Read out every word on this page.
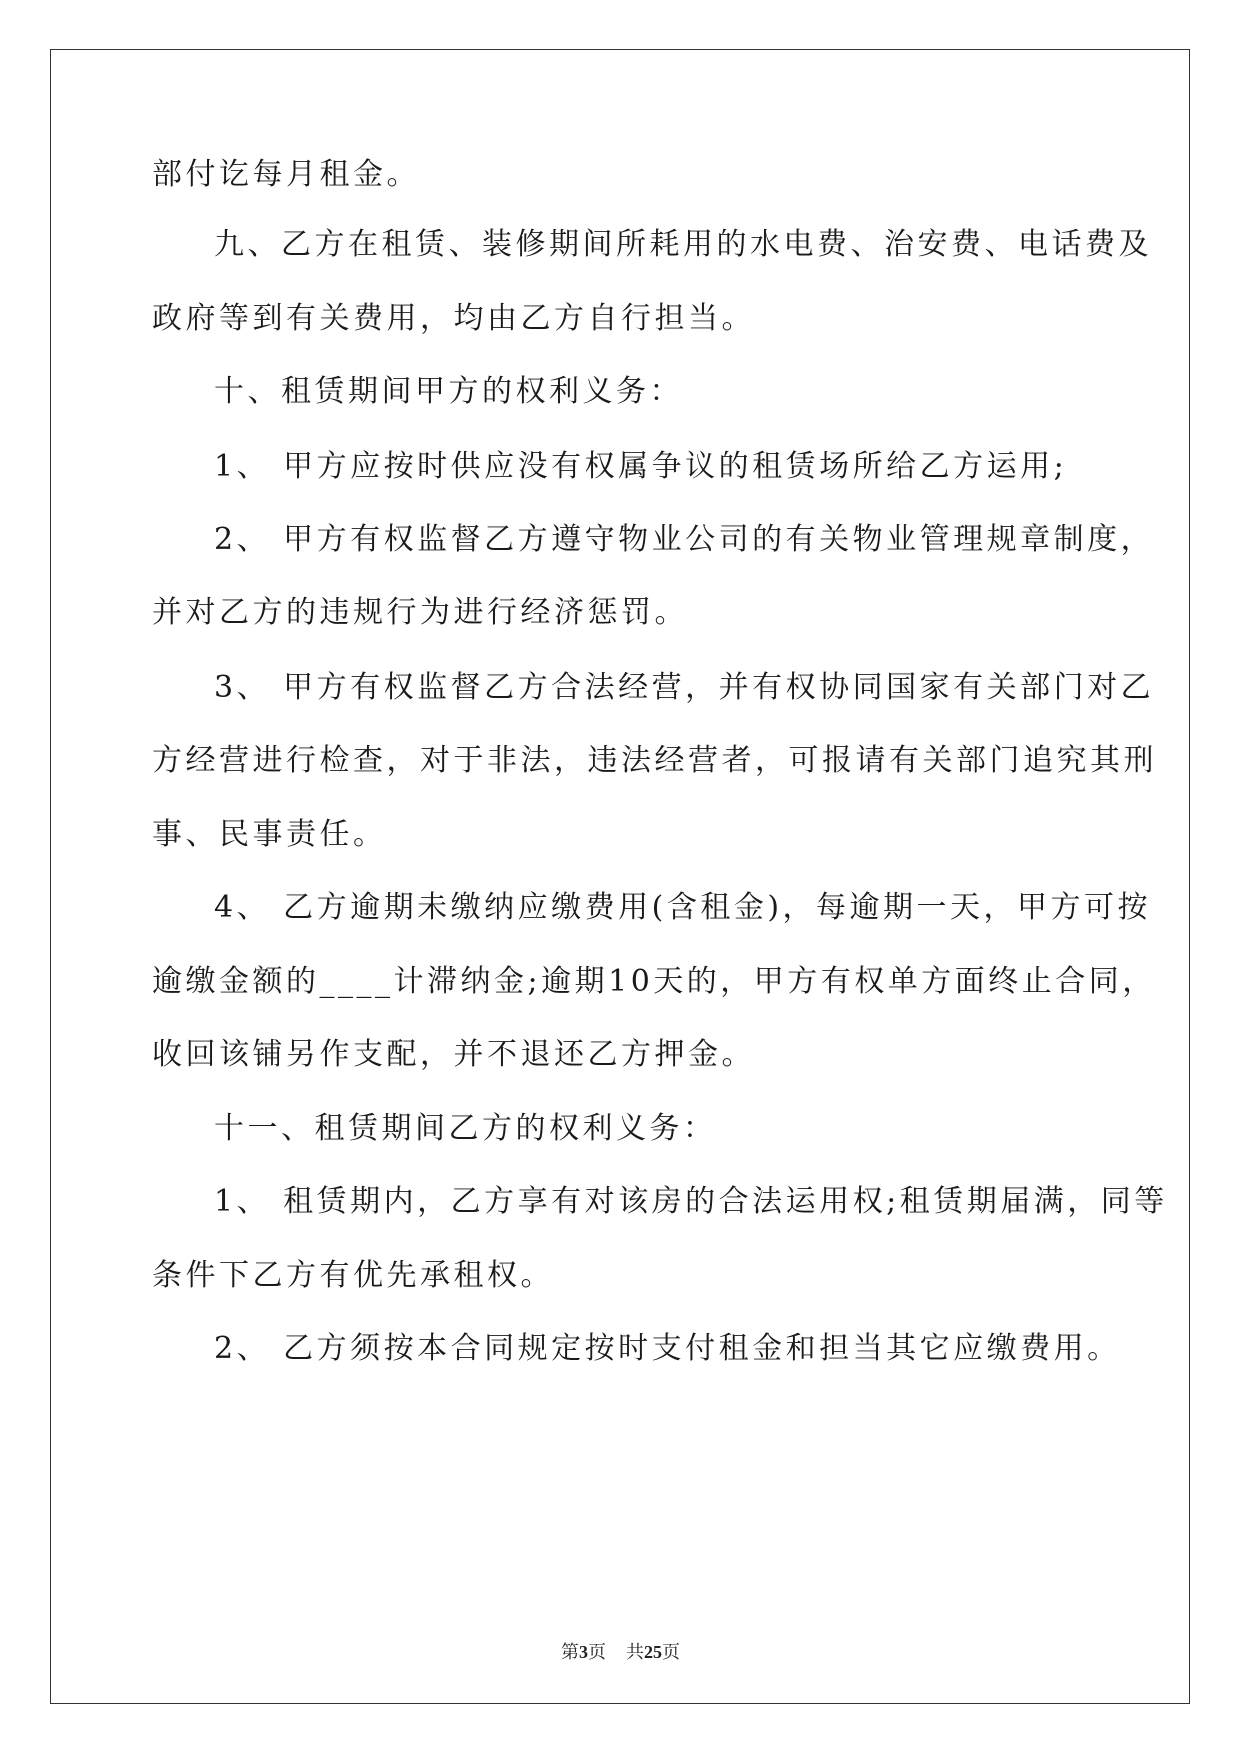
部付讫每月租金。
九、乙方在租赁、装修期间所耗用的水电费、治安费、电话费及
政府等到有关费用，均由乙方自行担当。
十、租赁期间甲方的权利义务：
1、 甲方应按时供应没有权属争议的租赁场所给乙方运用;
2、 甲方有权监督乙方遵守物业公司的有关物业管理规章制度，
并对乙方的违规行为进行经济惩罚。
3、 甲方有权监督乙方合法经营，并有权协同国家有关部门对乙
方经营进行检查，对于非法，违法经营者，可报请有关部门追究其刑
事、民事责任。
4、 乙方逾期未缴纳应缴费用(含租金)，每逾期一天，甲方可按
逾缴金额的____计滞纳金;逾期10天的，甲方有权单方面终止合同，
收回该铺另作支配，并不退还乙方押金。
十一、租赁期间乙方的权利义务：
1、 租赁期内，乙方享有对该房的合法运用权;租赁期届满，同等
条件下乙方有优先承租权。
2、 乙方须按本合同规定按时支付租金和担当其它应缴费用。
第3页 共25页
